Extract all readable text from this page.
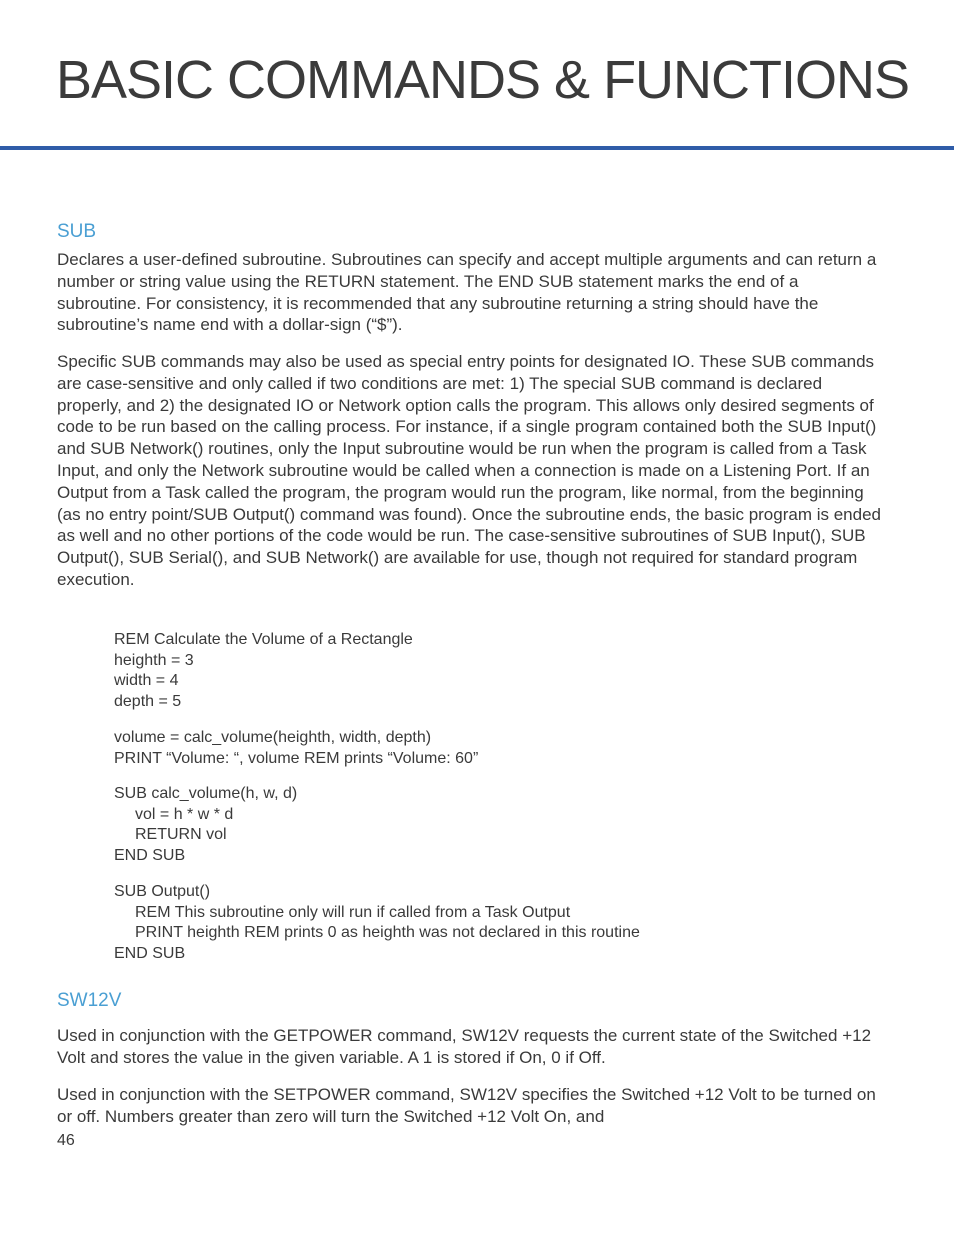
BASIC COMMANDS & FUNCTIONS
SUB
Declares a user-defined subroutine. Subroutines can specify and accept multiple arguments and can return a number or string value using the RETURN statement. The END SUB statement marks the end of a subroutine. For consistency, it is recommended that any subroutine returning a string should have the subroutine’s name end with a dollar-sign (“$”).
Specific SUB commands may also be used as special entry points for designated IO. These SUB commands are case-sensitive and only called if two conditions are met: 1) The special SUB command is declared properly, and 2) the designated IO or Network option calls the program. This allows only desired segments of code to be run based on the calling process. For instance, if a single program contained both the SUB Input() and SUB Network() routines, only the Input subroutine would be run when the program is called from a Task Input, and only the Network subroutine would be called when a connection is made on a Listening Port. If an Output from a Task called the program, the program would run the program, like normal, from the beginning (as no entry point/SUB Output() command was found). Once the subroutine ends, the basic program is ended as well and no other portions of the code would be run. The case-sensitive subroutines of SUB Input(), SUB Output(), SUB Serial(), and SUB Network() are available for use, though not required for standard program execution.
REM Calculate the Volume of a Rectangle
heighth = 3
width = 4
depth = 5
volume = calc_volume(heighth, width, depth)
PRINT “Volume: “, volume REM prints “Volume: 60”
SUB calc_volume(h, w, d)
vol = h * w * d
RETURN vol
END SUB
SUB Output()
REM This subroutine only will run if called from a Task Output
PRINT heighth REM prints 0 as heighth was not declared in this routine
END SUB
SW12V
Used in conjunction with the GETPOWER command, SW12V requests the current state of the Switched +12 Volt and stores the value in the given variable. A 1 is stored if On, 0 if Off.
Used in conjunction with the SETPOWER command, SW12V specifies the Switched +12 Volt to be turned on or off. Numbers greater than zero will turn the Switched +12 Volt On, and
46
